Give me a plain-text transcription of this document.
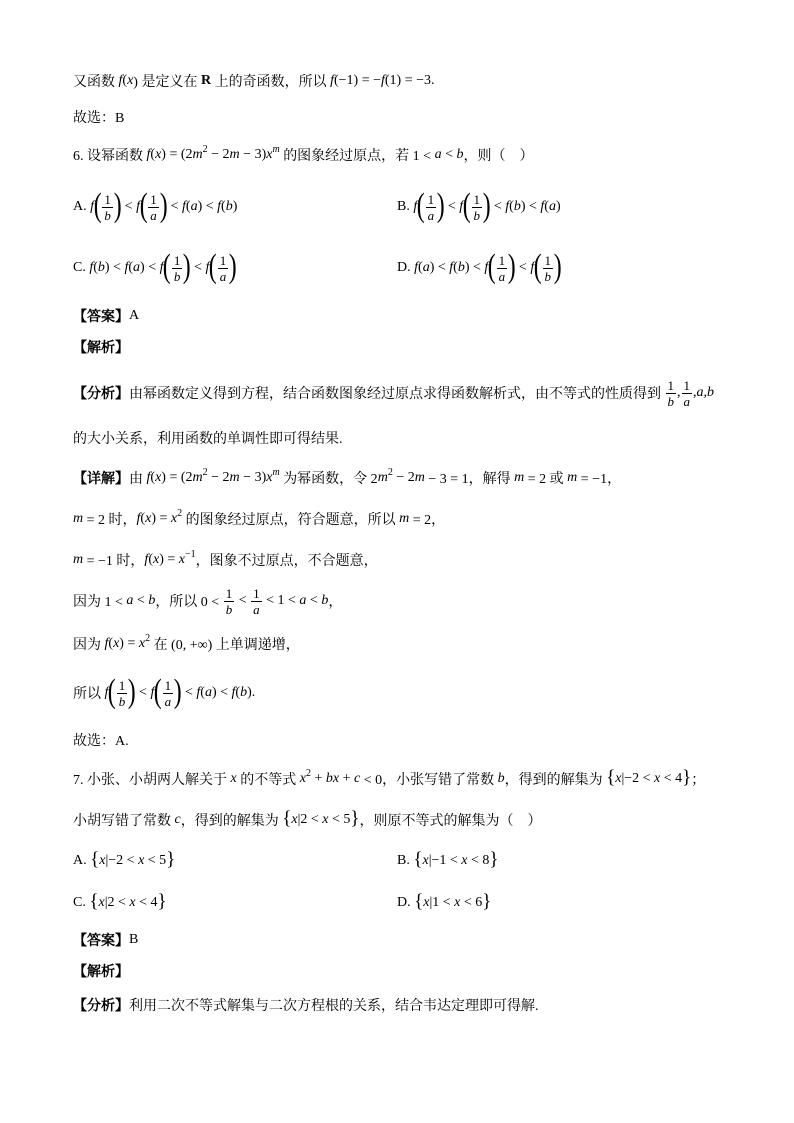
又函数 f ( x ) 是定义在 R 上的奇函数，所以 f (−1) = − f (1) = −3.
故选：B
6. 设幂函数 f ( x ) = (2 m 2 − 2 m − 3) x m 的图象经过原点，若 1 < a < b ，则（　）
A. f ( $\frac{1}{b}$ ) < f ( $\frac{1}{a}$ ) < f ( a ) < f ( b )	B. f ( $\frac{1}{a}$ ) < f ( $\frac{1}{b}$ ) < f ( b ) < f ( a )
C. f ( b ) < f ( a ) < f ( $\frac{1}{b}$ ) < f ( $\frac{1}{a}$ )	D. f ( a ) < f ( b ) < f ( $\frac{1}{a}$ ) < f ( $\frac{1}{b}$ )
【答案】 A
【解析】
【分析】 由幂函数定义得到方程，结合函数图象经过原点求得函数解析式，由不等式的性质得到 $\frac{1}{b}$ , $\frac{1}{a}$ , a , b
的大小关系，利用函数的单调性即可得结果.
【详解】 由 f ( x ) = (2 m 2 − 2 m − 3) x m 为幂函数，令 2 m 2 − 2 m − 3 = 1，解得 m = 2 或 m = −1，
m = 2 时， f ( x ) = x 2 的图象经过原点，符合题意，所以 m = 2，
m = −1 时， f ( x ) = x −1 ，图象不过原点，不合题意，
因为 1 < a < b ，所以 $0 < \frac{1}{b} < \frac{1}{a} < 1 < a < b$ ，
因为 f ( x ) = x 2 在 (0, +∞) 上单调递增，
所以 f ( $\frac{1}{b}$ ) < f ( $\frac{1}{a}$ ) < f ( a ) < f ( b ).
故选：A.
7. 小张、小胡两人解关于 x 的不等式 x 2 + bx + c < 0，小张写错了常数 b ，得到的解集为 { x |−2 < x < 4 } ；
小胡写错了常数 c ，得到的解集为 { x |2 < x < 5 } ，则原不等式的解集为（　）
A. { x |−2 < x < 5 }	B. { x |−1 < x < 8 }
C. { x |2 < x < 4 }	D. { x |1 < x < 6 }
【答案】 B
【解析】
【分析】 利用二次不等式解集与二次方程根的关系，结合韦达定理即可得解.
